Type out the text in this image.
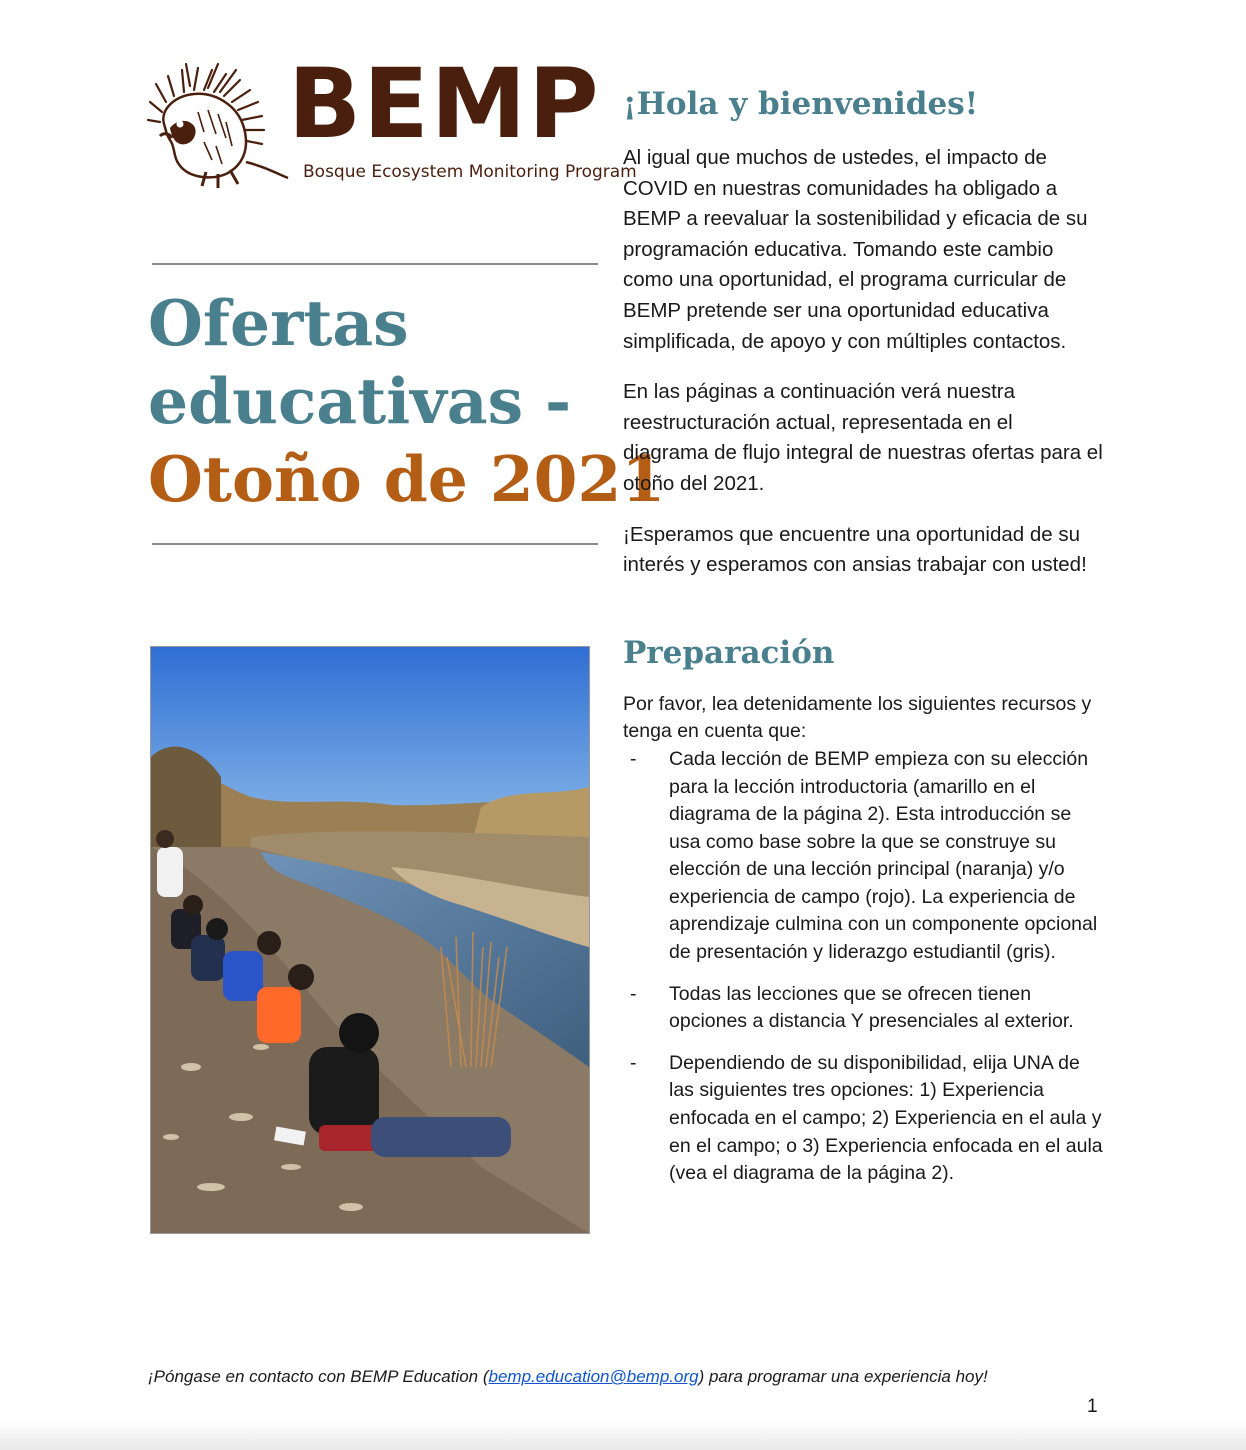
BEMP
Bosque Ecosystem Monitoring Program
Ofertas
educativas -
Otoño de 2021
¡Hola y bienvenides!

Al igual que muchos de ustedes, el impacto de COVID en nuestras comunidades ha obligado a BEMP a reevaluar la sostenibilidad y eficacia de su programación educativa. Tomando este cambio como una oportunidad, el programa curricular de BEMP pretende ser una oportunidad educativa simplificada, de apoyo y con múltiples contactos.

En las páginas a continuación verá nuestra reestructuración actual, representada en el diagrama de flujo integral de nuestras ofertas para el otoño del 2021.

¡Esperamos que encuentre una oportunidad de su interés y esperamos con ansias trabajar con usted!

Preparación

Por favor, lea detenidamente los siguientes recursos y tenga en cuenta que:

- Cada lección de BEMP empieza con su elección para la lección introductoria (amarillo en el diagrama de la página 2). Esta introducción se usa como base sobre la que se construye su elección de una lección principal (naranja) y/o experiencia de campo (rojo). La experiencia de aprendizaje culmina con un componente opcional de presentación y liderazgo estudiantil (gris).
- Todas las lecciones que se ofrecen tienen opciones a distancia Y presenciales al exterior.
- Dependiendo de su disponibilidad, elija UNA de las siguientes tres opciones: 1) Experiencia enfocada en el campo; 2) Experiencia en el aula y en el campo; o 3) Experiencia enfocada en el aula (vea el diagrama de la página 2).
¡Póngase en contacto con BEMP Education (bemp.education@bemp.org) para programar una experiencia hoy!
1
